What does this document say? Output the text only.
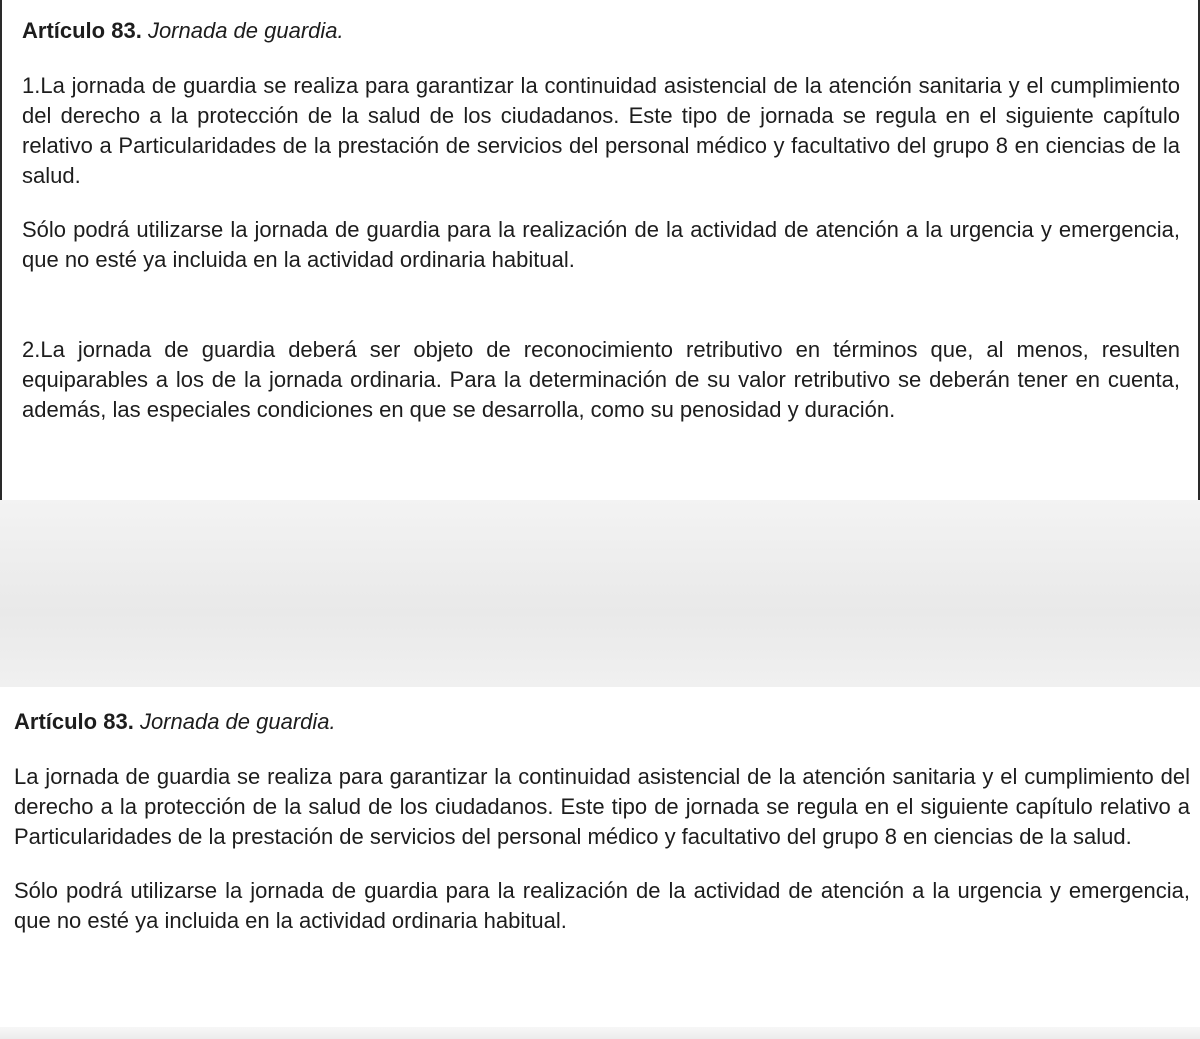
Artículo 83. Jornada de guardia.

1.La jornada de guardia se realiza para garantizar la continuidad asistencial de la atención sanitaria y el cumplimiento del derecho a la protección de la salud de los ciudadanos. Este tipo de jornada se regula en el siguiente capítulo relativo a Particularidades de la prestación de servicios del personal médico y facultativo del grupo 8 en ciencias de la salud.

Sólo podrá utilizarse la jornada de guardia para la realización de la actividad de atención a la urgencia y emergencia, que no esté ya incluida en la actividad ordinaria habitual.

2.La jornada de guardia deberá ser objeto de reconocimiento retributivo en términos que, al menos, resulten equiparables a los de la jornada ordinaria. Para la determinación de su valor retributivo se deberán tener en cuenta, además, las especiales condiciones en que se desarrolla, como su penosidad y duración.

Artículo 83. Jornada de guardia.

La jornada de guardia se realiza para garantizar la continuidad asistencial de la atención sanitaria y el cumplimiento del derecho a la protección de la salud de los ciudadanos. Este tipo de jornada se regula en el siguiente capítulo relativo a Particularidades de la prestación de servicios del personal médico y facultativo del grupo 8 en ciencias de la salud.

Sólo podrá utilizarse la jornada de guardia para la realización de la actividad de atención a la urgencia y emergencia, que no esté ya incluida en la actividad ordinaria habitual.
